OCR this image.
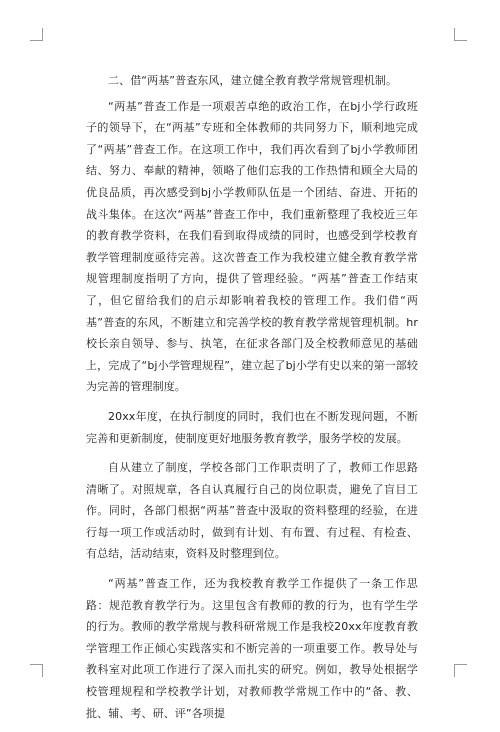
二、借“两基”普查东风，建立健全教育教学常规管理机制。

“两基”普查工作是一项艰苦卓绝的政治工作，在bj小学行政班子的领导下，在“两基”专班和全体教师的共同努力下，顺利地完成了“两基”普查工作。在这项工作中，我们再次看到了bj小学教师团结、努力、奉献的精神，领略了他们忘我的工作热情和顾全大局的优良品质，再次感受到bj小学教师队伍是一个团结、奋进、开拓的战斗集体。在这次“两基”普查工作中，我们重新整理了我校近三年的教育教学资料，在我们看到取得成绩的同时，也感受到学校教育教学管理制度亟待完善。这次普查工作为我校建立健全教育教学常规管理制度指明了方向，提供了管理经验。“两基”普查工作结束了，但它留给我们的启示却影响着我校的管理工作。我们借“两基”普查的东风，不断建立和完善学校的教育教学常规管理机制。hr校长亲自领导、参与、执笔，在征求各部门及全校教师意见的基础上，完成了“bj小学管理规程”，建立起了bj小学有史以来的第一部较为完善的管理制度。

20xx年度，在执行制度的同时，我们也在不断发现问题，不断完善和更新制度，使制度更好地服务教育教学，服务学校的发展。

自从建立了制度，学校各部门工作职责明了了，教师工作思路清晰了。对照规章，各自认真履行自己的岗位职责，避免了盲目工作。同时，各部门根据“两基”普查中汲取的资料整理的经验，在进行每一项工作或活动时，做到有计划、有布置、有过程、有检查、有总结，活动结束，资料及时整理到位。

“两基”普查工作，还为我校教育教学工作提供了一条工作思路：规范教育教学行为。这里包含有教师的教的行为，也有学生学的行为。教师的教学常规与教科研常规工作是我校20xx年度教育教学管理工作正倾心实践落实和不断完善的一项重要工作。教导处与教科室对此项工作进行了深入而扎实的研究。例如，教导处根据学校管理规程和学校教学计划，对教师教学常规工作中的“备、教、批、辅、考、研、评”各项提
